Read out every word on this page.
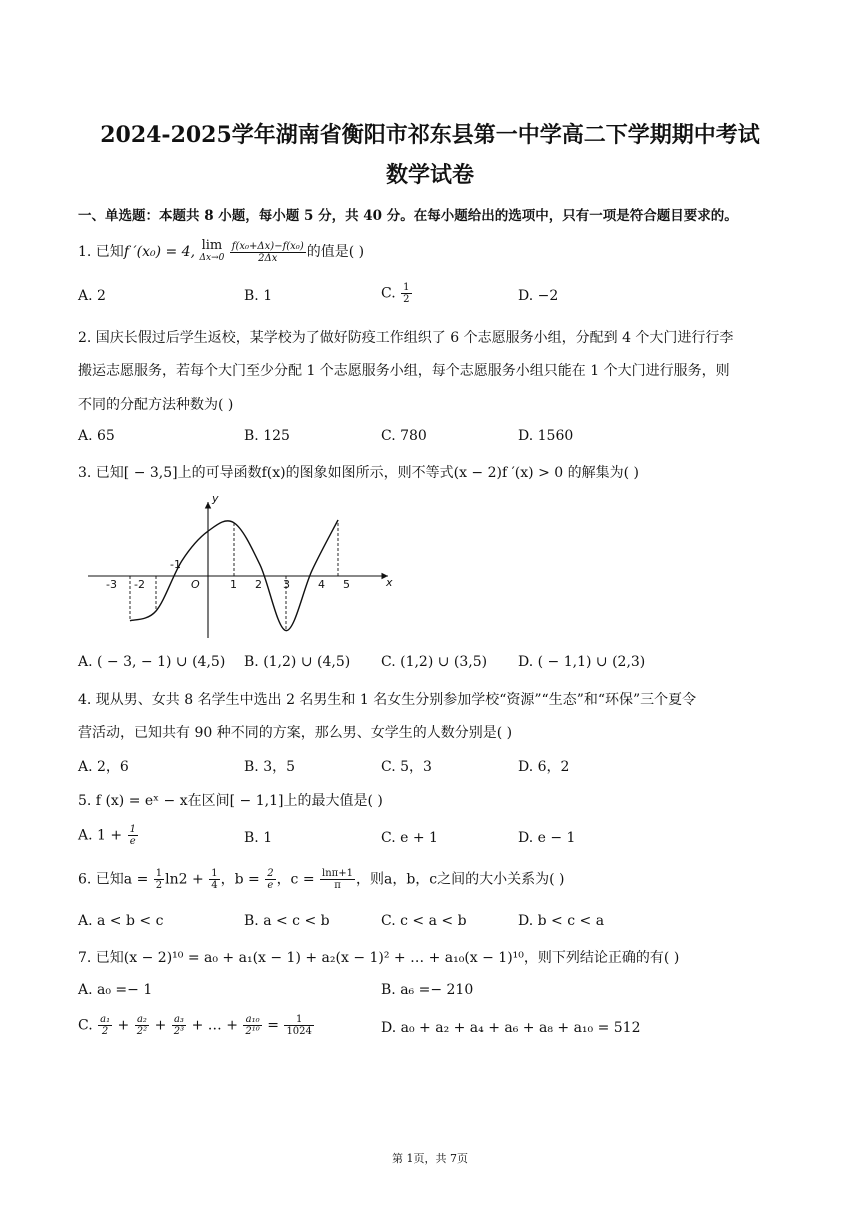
2024-2025学年湖南省衡阳市祁东县第一中学高二下学期期中考试
数学试卷
一、单选题：本题共 8 小题，每小题 5 分，共 40 分。在每小题给出的选项中，只有一项是符合题目要求的。
1. 已知f ′(x₀) = 4, lim
Δx→0
$\frac{\text{f(x₀+Δx)−f(x₀)}}{2\Delta x}$ 的值是( )
A. 2	B. 1	C. $\frac{1}{2}$	D. −2
2. 国庆长假过后学生返校，某学校为了做好防疫工作组织了 6 个志愿服务小组，分配到 4 个大门进行行李
搬运志愿服务，若每个大门至少分配 1 个志愿服务小组，每个志愿服务小组只能在 1 个大门进行服务，则
不同的分配方法种数为( )
A. 65	B. 125	C. 780	D. 1560
3. 已知[ − 3,5]上的可导函数f(x)的图象如图所示，则不等式(x − 2)f ′(x) > 0 的解集为( )
y
x
O
-3 -2
-1
1 2 3	4 5
A. ( − 3, − 1) ∪ (4,5) B. (1,2) ∪ (4,5) C. (1,2) ∪ (3,5) D. ( − 1,1) ∪ (2,3)
4. 现从男、女共 8 名学生中选出 2 名男生和 1 名女生分别参加学校“资源”“生态”和“环保”三个夏令
营活动，已知共有 90 种不同的方案，那么男、女学生的人数分别是( )
A. 2，6	B. 3，5	C. 5，3	D. 6，2
5. f (x) = eˣ − x在区间[ − 1,1]上的最大值是( )
A. $1 + \frac{1}{e}$	B. 1	C. e + 1	D. e − 1
6. 已知$a = \frac{1}{2} \ln 2 + \frac{1}{4}$ ，$b = \frac{2}{e}$ ，$c = \frac{\ln\pi+1}{\pi}$ ，则a，b，c之间的大小关系为( )
A. a < b < c	B. a < c < b	C. c < a < b	D. b < c < a
7. 已知(x − 2)¹⁰ = a₀ + a₁(x − 1) + a₂(x − 1)² + … + a₁₀(x − 1)¹⁰，则下列结论正确的有( )
A. a₀ =− 1	B. a₆ =− 210
C. $\frac{\text{a₁}}{2} + \frac{\text{a₂}}{\text{2²}} + \frac{\text{a₃}}{\text{2³}}$ + … + $\frac{\text{a₁₀}}{\text{2¹⁰}} = \frac{1}{1024}$	D. a₀ + a₂ + a₄ + a₆ + a₈ + a₁₀ = 512
第 1页，共 7页
